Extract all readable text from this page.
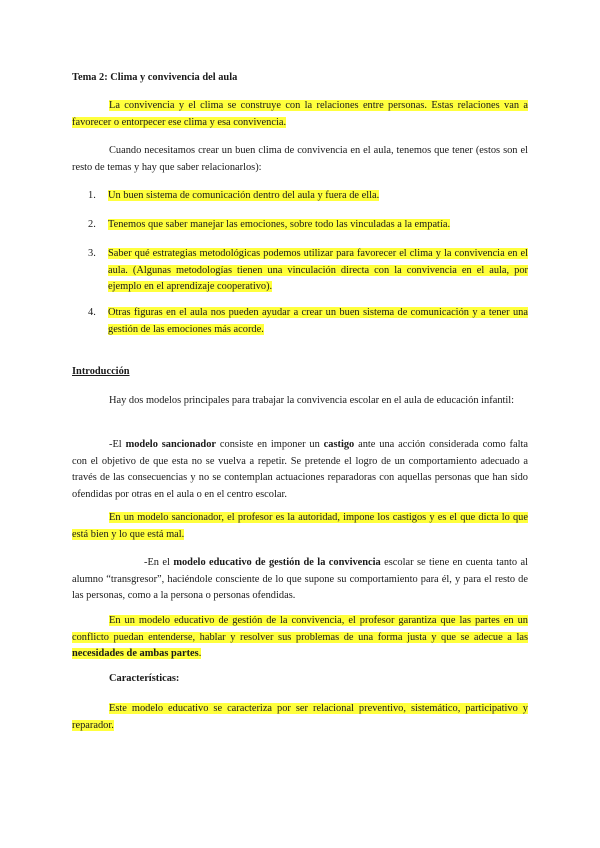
Tema 2: Clima y convivencia del aula

La convivencia y el clima se construye con la relaciones entre personas. Estas relaciones van a favorecer o entorpecer ese clima y esa convivencia.

Cuando necesitamos crear un buen clima de convivencia en el aula, tenemos que tener (estos son el resto de temas y hay que saber relacionarlos):

1.	Un buen sistema de comunicación dentro del aula y fuera de ella.
2.	Tenemos que saber manejar las emociones, sobre todo las vinculadas a la empatía.
3.	Saber qué estrategias metodológicas podemos utilizar para favorecer el clima y la convivencia en el aula. (Algunas metodologías tienen una vinculación directa con la convivencia en el aula, por ejemplo en el aprendizaje cooperativo).
4.	Otras figuras en el aula nos pueden ayudar a crear un buen sistema de comunicación y a tener una gestión de las emociones más acorde.

Introducción

Hay dos modelos principales para trabajar la convivencia escolar en el aula de educación infantil:

-El modelo sancionador consiste en imponer un castigo ante una acción considerada como falta con el objetivo de que esta no se vuelva a repetir. Se pretende el logro de un comportamiento adecuado a través de las consecuencias y no se contemplan actuaciones reparadoras con aquellas personas que han sido ofendidas por otras en el aula o en el centro escolar.

En un modelo sancionador, el profesor es la autoridad, impone los castigos y es el que dicta lo que está bien y lo que está mal.

-En el modelo educativo de gestión de la convivencia escolar se tiene en cuenta tanto al alumno “transgresor”, haciéndole consciente de lo que supone su comportamiento para él, y para el resto de las personas, como a la persona o personas ofendidas.

En un modelo educativo de gestión de la convivencia, el profesor garantiza que las partes en un conflicto puedan entenderse, hablar y resolver sus problemas de una forma justa y que se adecue a las necesidades de ambas partes.

Características:

Este modelo educativo se caracteriza por ser relacional preventivo, sistemático, participativo y reparador.
